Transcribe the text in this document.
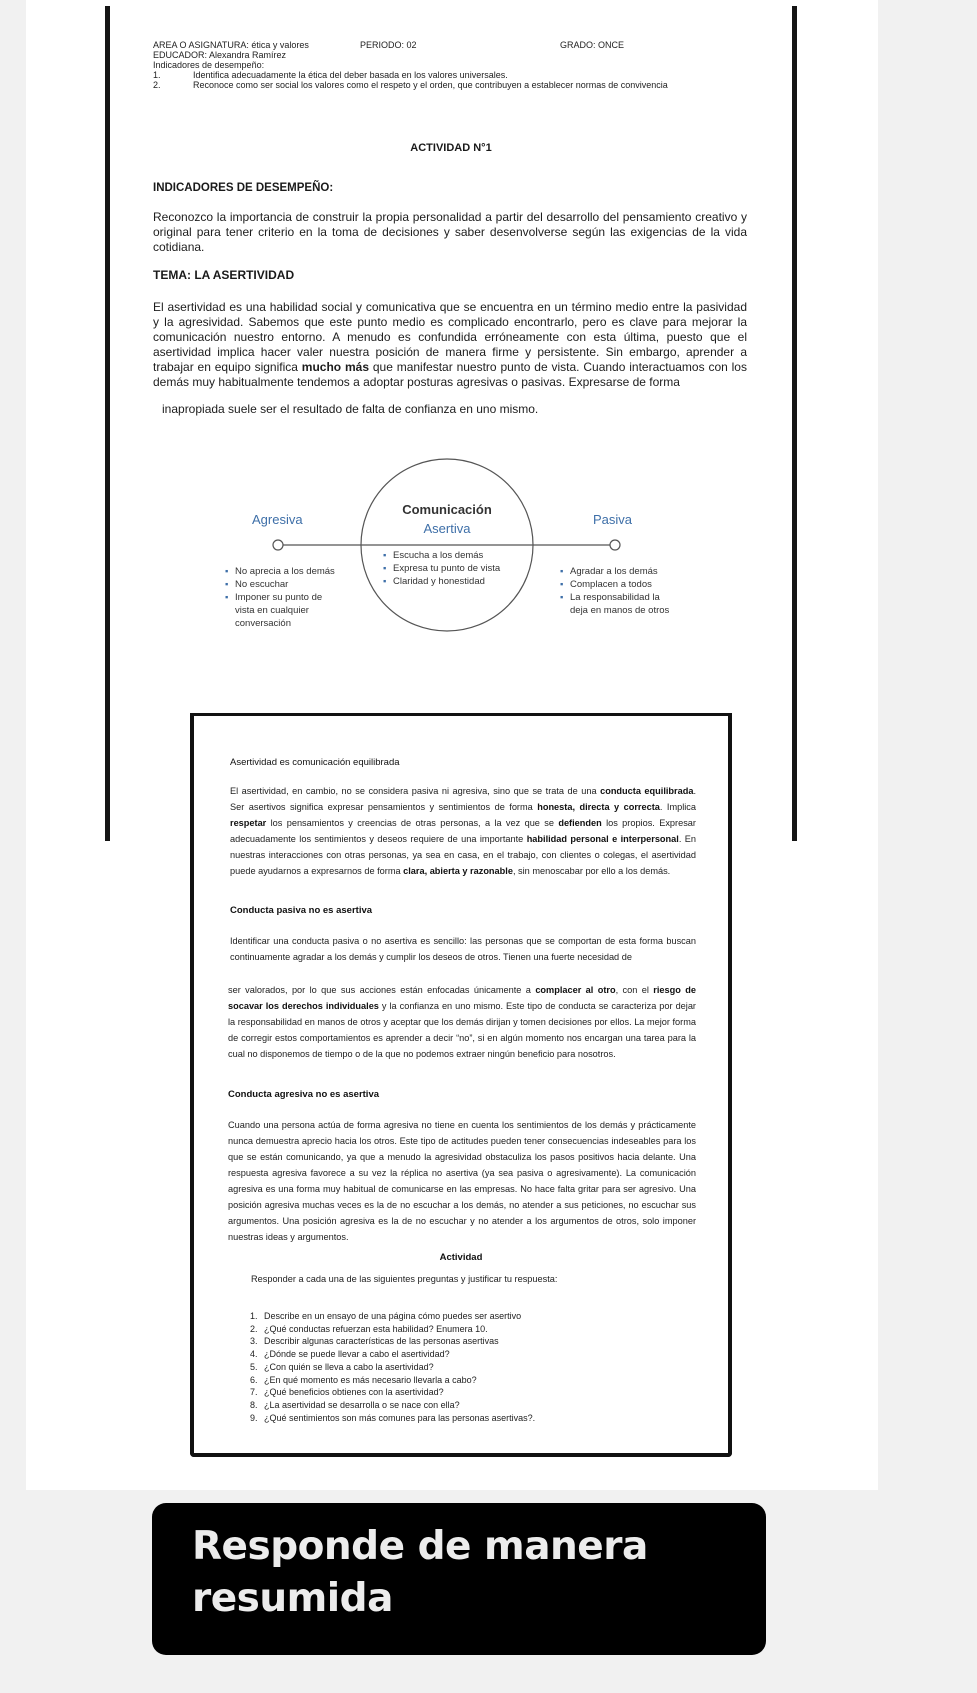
AREA O ASIGNATURA: ética y valores	PERIODO: 02	GRADO: ONCE
EDUCADOR: Alexandra Ramírez
Indicadores de desempeño:
1.	Identifica adecuadamente la ética del deber basada en los valores universales.
2.	Reconoce como ser social los valores como el respeto y el orden, que contribuyen a establecer normas de convivencia
ACTIVIDAD N°1
INDICADORES DE DESEMPEÑO:
Reconozco la importancia de construir la propia personalidad a partir del desarrollo del pensamiento creativo y original para tener criterio en la toma de decisiones y saber desenvolverse según las exigencias de la vida cotidiana.
TEMA: LA ASERTIVIDAD
El asertividad es una habilidad social y comunicativa que se encuentra en un término medio entre la pasividad y la agresividad. Sabemos que este punto medio es complicado encontrarlo, pero es clave para mejorar la comunicación nuestro entorno. A menudo es confundida erróneamente con esta última, puesto que el asertividad implica hacer valer nuestra posición de manera firme y persistente. Sin embargo, aprender a trabajar en equipo significa mucho más que manifestar nuestro punto de vista. Cuando interactuamos con los demás muy habitualmente tendemos a adoptar posturas agresivas o pasivas. Expresarse de forma
inapropiada suele ser el resultado de falta de confianza en uno mismo.
Agresiva
▪ No aprecia a los demás
▪ No escuchar
▪ Imponer su punto de vista en cualquier conversación
Comunicación
Asertiva
▪ Escucha a los demás
▪ Expresa tu punto de vista
▪ Claridad y honestidad
Pasiva
▪ Agradar a los demás
▪ Complacen a todos
▪ La responsabilidad la deja en manos de otros
Asertividad es comunicación equilibrada
El asertividad, en cambio, no se considera pasiva ni agresiva, sino que se trata de una conducta equilibrada. Ser asertivos significa expresar pensamientos y sentimientos de forma honesta, directa y correcta. Implica respetar los pensamientos y creencias de otras personas, a la vez que se defienden los propios. Expresar adecuadamente los sentimientos y deseos requiere de una importante habilidad personal e interpersonal. En nuestras interacciones con otras personas, ya sea en casa, en el trabajo, con clientes o colegas, el asertividad puede ayudarnos a expresarnos de forma clara, abierta y razonable, sin menoscabar por ello a los demás.
Conducta pasiva no es asertiva
Identificar una conducta pasiva o no asertiva es sencillo: las personas que se comportan de esta forma buscan continuamente agradar a los demás y cumplir los deseos de otros. Tienen una fuerte necesidad de
ser valorados, por lo que sus acciones están enfocadas únicamente a complacer al otro, con el riesgo de socavar los derechos individuales y la confianza en uno mismo. Este tipo de conducta se caracteriza por dejar la responsabilidad en manos de otros y aceptar que los demás dirijan y tomen decisiones por ellos. La mejor forma de corregir estos comportamientos es aprender a decir “no”, si en algún momento nos encargan una tarea para la cual no disponemos de tiempo o de la que no podemos extraer ningún beneficio para nosotros.
Conducta agresiva no es asertiva
Cuando una persona actúa de forma agresiva no tiene en cuenta los sentimientos de los demás y prácticamente nunca demuestra aprecio hacia los otros. Este tipo de actitudes pueden tener consecuencias indeseables para los que se están comunicando, ya que a menudo la agresividad obstaculiza los pasos positivos hacia delante. Una respuesta agresiva favorece a su vez la réplica no asertiva (ya sea pasiva o agresivamente). La comunicación agresiva es una forma muy habitual de comunicarse en las empresas. No hace falta gritar para ser agresivo. Una posición agresiva muchas veces es la de no escuchar a los demás, no atender a sus peticiones, no escuchar sus argumentos. Una posición agresiva es la de no escuchar y no atender a los argumentos de otros, solo imponer nuestras ideas y argumentos.
Actividad
Responder a cada una de las siguientes preguntas y justificar tu respuesta:
1. Describe en un ensayo de una página cómo puedes ser asertivo
2. ¿Qué conductas refuerzan esta habilidad? Enumera 10.
3. Describir algunas características de las personas asertivas
4. ¿Dónde se puede llevar a cabo el asertividad?
5. ¿Con quién se lleva a cabo la asertividad?
6. ¿En qué momento es más necesario llevarla a cabo?
7. ¿Qué beneficios obtienes con la asertividad?
8. ¿La asertividad se desarrolla o se nace con ella?
9. ¿Qué sentimientos son más comunes para las personas asertivas?.
Responde de manera resumida
